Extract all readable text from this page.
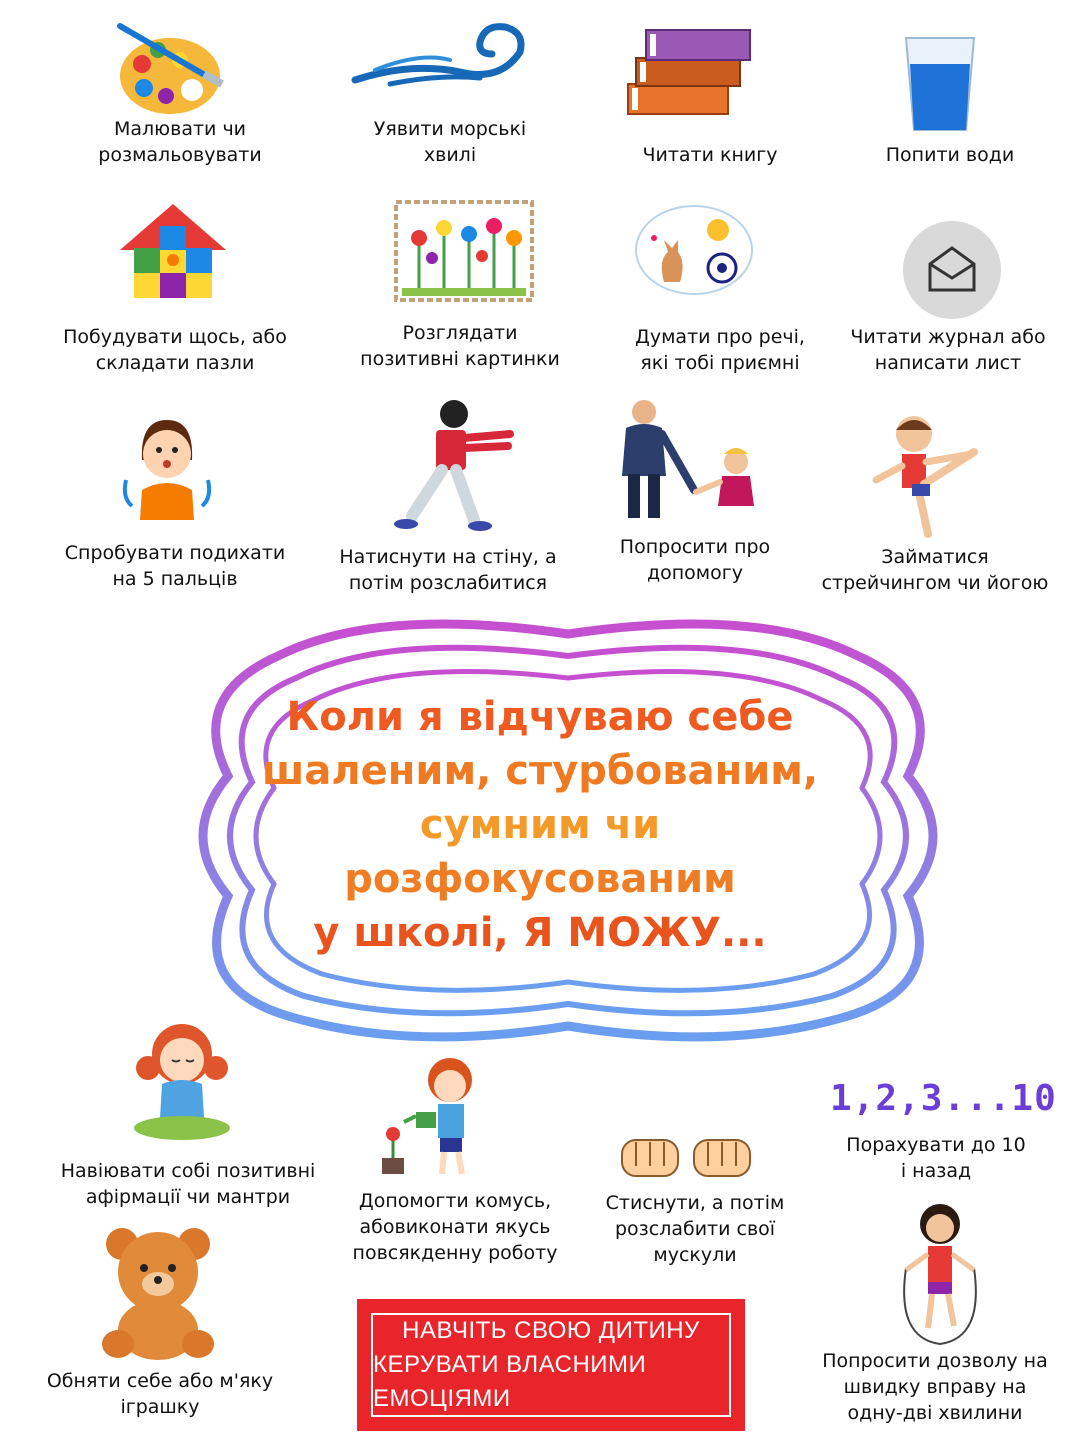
Малювати чи
розмальовувати
Уявити морські
хвилі	Читати книгу	Попити води
Побудувати щось, або
складати пазли
Розглядати
позитивні картинки
Думати про речі,
які тобі приємні
Читати журнал або
написати лист
Спробувати подихати
на 5 пальців
Натиснути на стіну, а
потім розслабитися
Попросити про
допомогу
Займатися
стрейчингом чи йогою
Коли я відчуваю себе
шаленим, стурбованим,
сумним чи
розфокусованим
у школі, Я МОЖУ...
1,2,3...10
Навіювати собі позитивні
афірмації чи мантри	Допомогти комусь,
абовиконати якусь
повсякденну роботу
Стиснути, а потім
розслабити свої
мускули
Порахувати до 10
і назад
Обняти себе або м'яку
іграшку
Попросити дозволу на
швидку вправу на
одну-дві хвилини
НАВЧІТЬ СВОЮ ДИТИНУ
КЕРУВАТИ ВЛАСНИМИ ЕМОЦІЯМИ
